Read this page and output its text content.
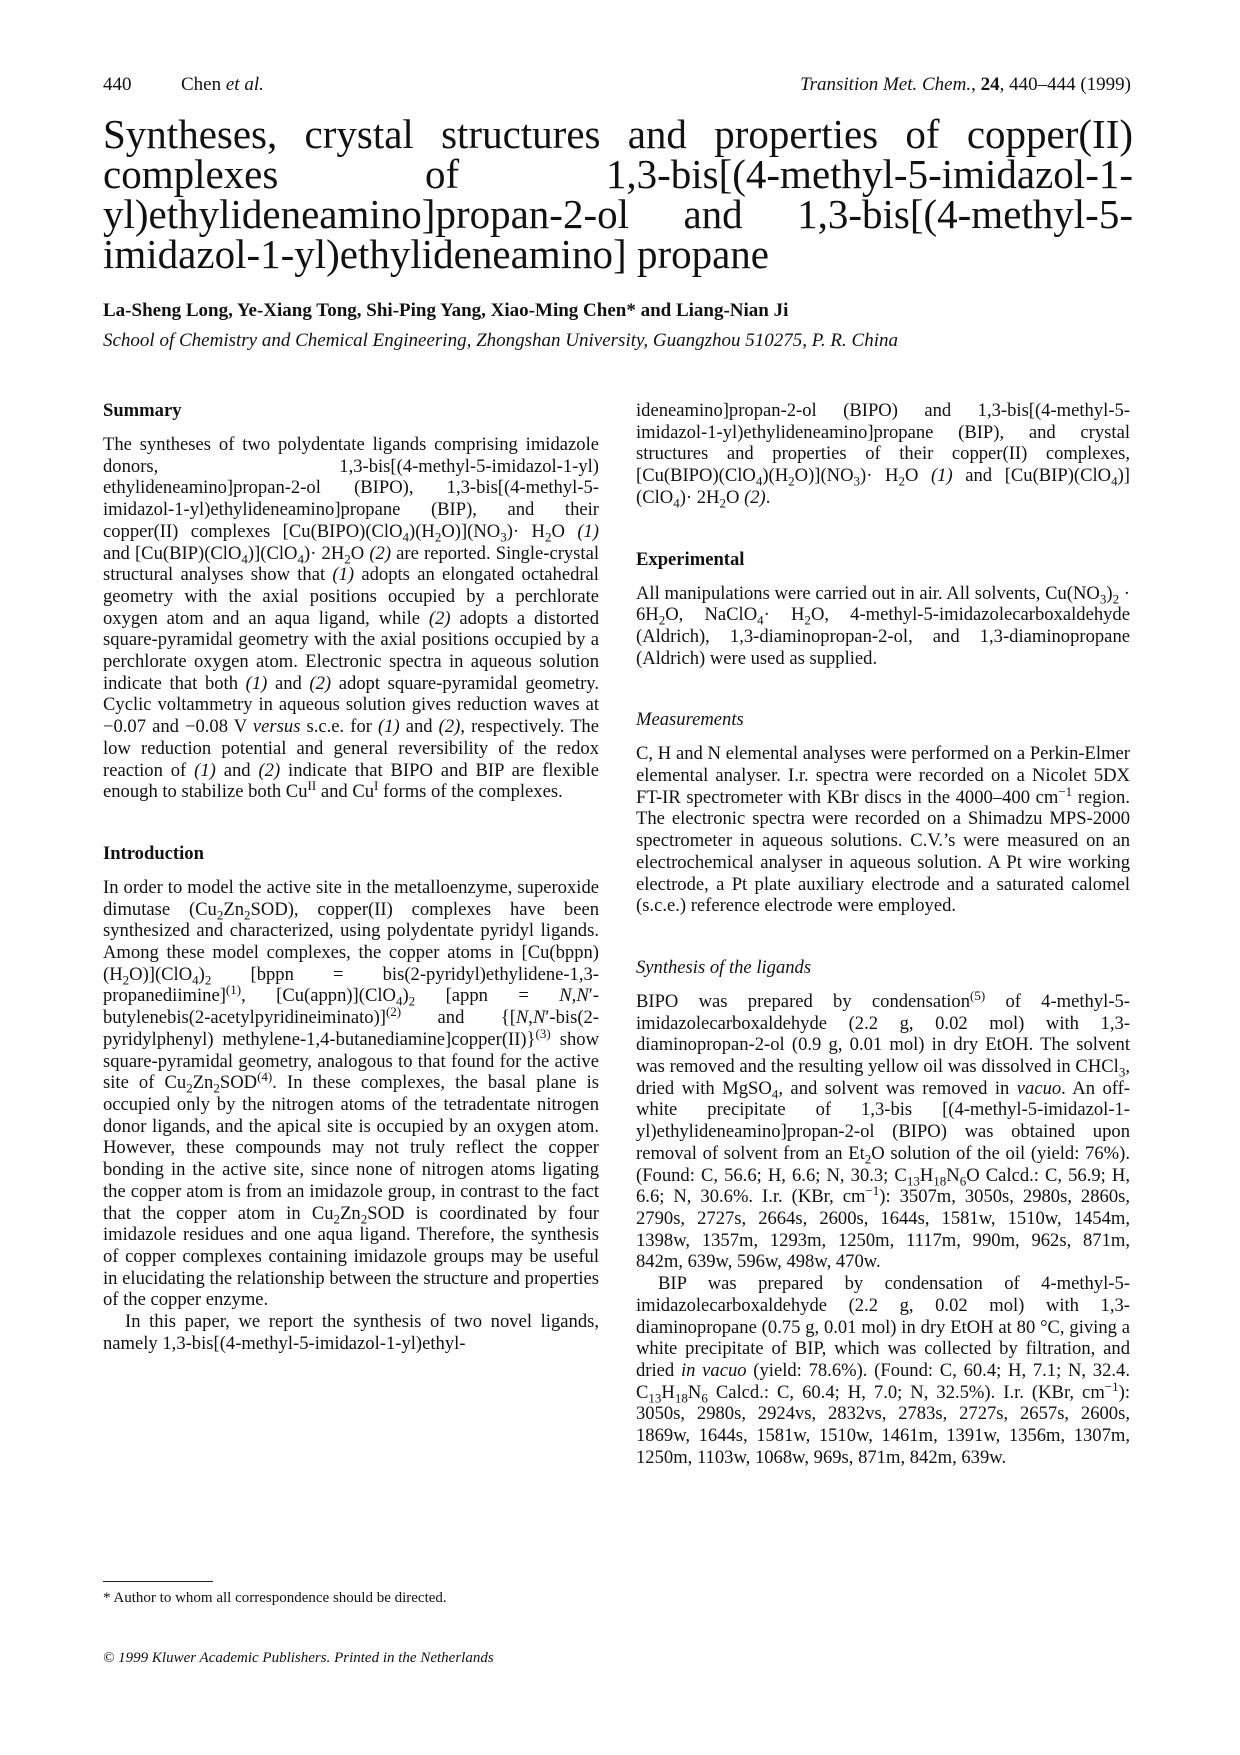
440	Chen et al.	Transition Met. Chem., 24, 440–444 (1999)
Syntheses, crystal structures and properties of copper(II) complexes of 1,3-bis[(4-methyl-5-imidazol-1-yl)ethylideneamino]propan-2-ol and 1,3-bis[(4-methyl-5-imidazol-1-yl)ethylideneamino] propane
La-Sheng Long, Ye-Xiang Tong, Shi-Ping Yang, Xiao-Ming Chen* and Liang-Nian Ji
School of Chemistry and Chemical Engineering, Zhongshan University, Guangzhou 510275, P. R. China
Summary

The syntheses of two polydentate ligands comprising imidazole donors, 1,3-bis[(4-methyl-5-imidazol-1-yl) ethylideneamino]propan-2-ol (BIPO), 1,3-bis[(4-methyl-5-imidazol-1-yl)ethylideneamino]propane (BIP), and their copper(II) complexes $[Cu(BIPO)(ClO_4)(H_2O)](NO_3)\cdot H_2O$ (1) and $[Cu(BIP)(ClO_4)](ClO_4)\cdot 2H_2O$ (2) are reported. Single-crystal structural analyses show that (1) adopts an elongated octahedral geometry with the axial positions occupied by a perchlorate oxygen atom and an aqua ligand, while (2) adopts a distorted square-pyramidal geometry with the axial positions occupied by a perchlorate oxygen atom. Electronic spectra in aqueous solution indicate that both (1) and (2) adopt square-pyramidal geometry. Cyclic voltammetry in aqueous solution gives reduction waves at −0.07 and −0.08 V versus s.c.e. for (1) and (2), respectively. The low reduction potential and general reversibility of the redox reaction of (1) and (2) indicate that BIPO and BIP are flexible enough to stabilize both $Cu^{II}$ and $Cu^I$ forms of the complexes.

Introduction

In order to model the active site in the metalloenzyme, superoxide dimutase $(Cu_2Zn_2SOD)$, copper(II) complexes have been synthesized and characterized, using polydentate pyridyl ligands. Among these model complexes, the copper atoms in $[Cu(bppn)(H_2O)](ClO_4)_2$ [bppn = bis(2-pyridyl)ethylidene-1,3-propanediimine]$^{(1)}$, $[Cu(appn)](ClO_4)_2$ [appn = N,N′-butylenebis(2-acetylpyridineiminato)]$^{(2)}$ and {[N,N′-bis(2-pyridylphenyl) methylene-1,4-butanediamine]copper(II)}$^{(3)}$ show square-pyramidal geometry, analogous to that found for the active site of $Cu_2Zn_2SOD^{(4)}$. In these complexes, the basal plane is occupied only by the nitrogen atoms of the tetradentate nitrogen donor ligands, and the apical site is occupied by an oxygen atom. However, these compounds may not truly reflect the copper bonding in the active site, since none of nitrogen atoms ligating the copper atom is from an imidazole group, in contrast to the fact that the copper atom in $Cu_2Zn_2SOD$ is coordinated by four imidazole residues and one aqua ligand. Therefore, the synthesis of copper complexes containing imidazole groups may be useful in elucidating the relationship between the structure and properties of the copper enzyme.

In this paper, we report the synthesis of two novel ligands, namely 1,3-bis[(4-methyl-5-imidazol-1-yl)ethyl-

ideneamino]propan-2-ol (BIPO) and 1,3-bis[(4-methyl-5-imidazol-1-yl)ethylideneamino]propane (BIP), and crystal structures and properties of their copper(II) complexes, $[Cu(BIPO)(ClO_4)(H_2O)](NO_3)\cdot H_2O$ (1) and $[Cu(BIP)(ClO_4)](ClO_4)\cdot 2H_2O$ (2).

Experimental

All manipulations were carried out in air. All solvents, $Cu(NO_3)_2 \cdot 6H_2O$, NaClO$_4$· $H_2O$, 4-methyl-5-imidazolecarboxaldehyde (Aldrich), 1,3-diaminopropan-2-ol, and 1,3-diaminopropane (Aldrich) were used as supplied.

Measurements

C, H and N elemental analyses were performed on a Perkin-Elmer elemental analyser. I.r. spectra were recorded on a Nicolet 5DX FT-IR spectrometer with KBr discs in the 4000–400 $cm^{-1}$ region. The electronic spectra were recorded on a Shimadzu MPS-2000 spectrometer in aqueous solutions. C.V.’s were measured on an electrochemical analyser in aqueous solution. A Pt wire working electrode, a Pt plate auxiliary electrode and a saturated calomel (s.c.e.) reference electrode were employed.

Synthesis of the ligands

BIPO was prepared by condensation$^{(5)}$ of 4-methyl-5-imidazolecarboxaldehyde (2.2 g, 0.02 mol) with 1,3-diaminopropan-2-ol (0.9 g, 0.01 mol) in dry EtOH. The solvent was removed and the resulting yellow oil was dissolved in CHCl$_3$, dried with MgSO$_4$, and solvent was removed in vacuo. An off-white precipitate of 1,3-bis [(4-methyl-5-imidazol-1-yl)ethylideneamino]propan-2-ol (BIPO) was obtained upon removal of solvent from an $Et_2O$ solution of the oil (yield: 76%). (Found: C, 56.6; H, 6.6; N, 30.3; $C_{13}H_{18}N_6O$ Calcd.: C, 56.9; H, 6.6; N, 30.6%. I.r. (KBr, $cm^{-1}$): 3507m, 3050s, 2980s, 2860s, 2790s, 2727s, 2664s, 2600s, 1644s, 1581w, 1510w, 1454m, 1398w, 1357m, 1293m, 1250m, 1117m, 990m, 962s, 871m, 842m, 639w, 596w, 498w, 470w.

BIP was prepared by condensation of 4-methyl-5-imidazolecarboxaldehyde (2.2 g, 0.02 mol) with 1,3-diaminopropane (0.75 g, 0.01 mol) in dry EtOH at 80 °C, giving a white precipitate of BIP, which was collected by filtration, and dried in vacuo (yield: 78.6%). (Found: C, 60.4; H, 7.1; N, 32.4. $C_{13}H_{18}N_6$ Calcd.: C, 60.4; H, 7.0; N, 32.5%). I.r. (KBr, $cm^{-1}$): 3050s, 2980s, 2924vs, 2832vs, 2783s, 2727s, 2657s, 2600s, 1869w, 1644s, 1581w, 1510w, 1461m, 1391w, 1356m, 1307m, 1250m, 1103w, 1068w, 969s, 871m, 842m, 639w.

* Author to whom all correspondence should be directed.
© 1999 Kluwer Academic Publishers. Printed in the Netherlands
